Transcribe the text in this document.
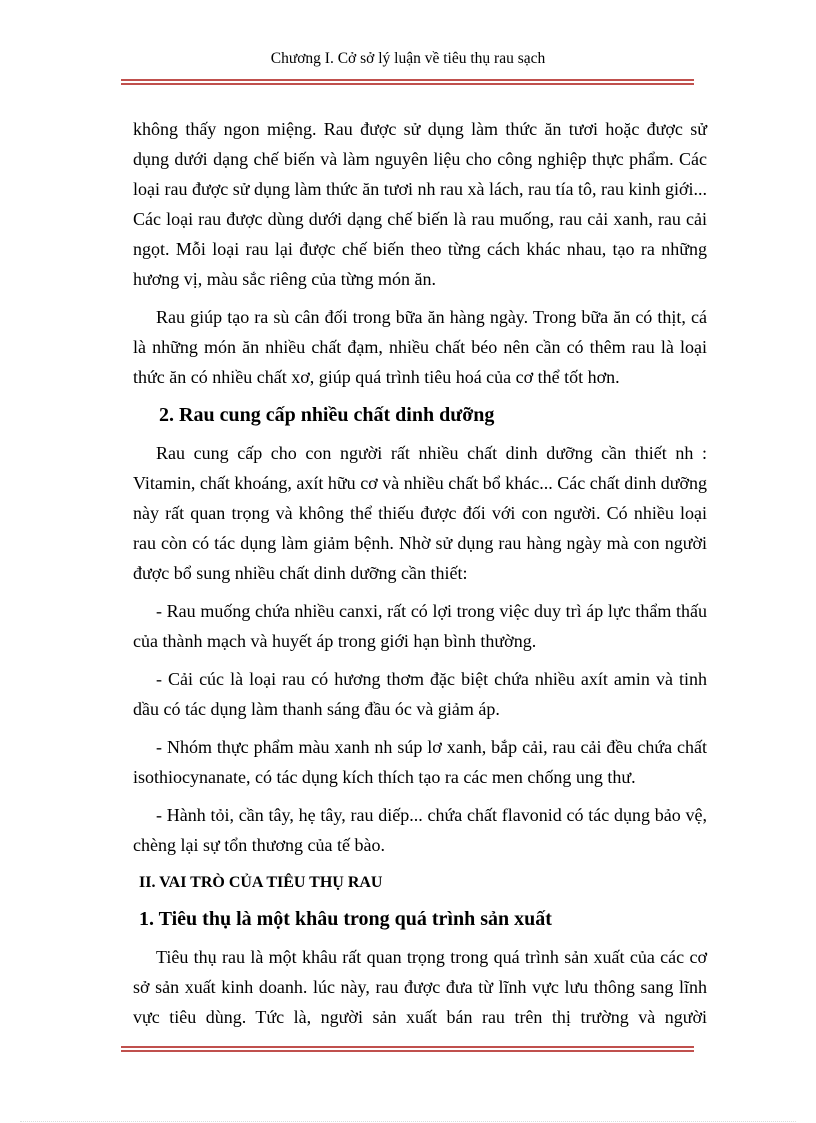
Chương I. Cở sở lý luận về tiêu thụ rau sạch

không thấy ngon miệng. Rau được sử dụng làm thức ăn tươi hoặc được sử dụng dưới dạng chế biến và làm nguyên liệu cho công nghiệp thực phẩm. Các loại rau được sử dụng làm thức ăn tươi nh rau xà lách, rau tía tô, rau kinh giới... Các loại rau được dùng dưới dạng chế biến là rau muống, rau cải xanh, rau cải ngọt. Mỗi loại rau lại được chế biến theo từng cách khác nhau, tạo ra những hương vị, màu sắc riêng của từng món ăn.

Rau giúp tạo ra sù cân đối trong bữa ăn hàng ngày. Trong bữa ăn có thịt, cá là những món ăn nhiều chất đạm, nhiều chất béo nên cần có thêm rau là loại thức ăn có nhiều chất xơ, giúp quá trình tiêu hoá của cơ thể tốt hơn.

2. Rau cung cấp nhiều chất dinh dưỡng

Rau cung cấp cho con người rất nhiều chất dinh dưỡng cần thiết nh : Vitamin, chất khoáng, axít hữu cơ và nhiều chất bổ khác... Các chất dinh dưỡng này rất quan trọng và không thể thiếu được đối với con người. Có nhiều loại rau còn có tác dụng làm giảm bệnh. Nhờ sử dụng rau hàng ngày mà con người được bổ sung nhiều chất dinh dưỡng cần thiết:

- Rau muống chứa nhiều canxi, rất có lợi trong việc duy trì áp lực thẩm thấu của thành mạch và huyết áp trong giới hạn bình thường.

- Cải cúc là loại rau có hương thơm đặc biệt chứa nhiều axít amin và tinh dầu có tác dụng làm thanh sáng đầu óc và giảm áp.

- Nhóm thực phẩm màu xanh nh súp lơ xanh, bắp cải, rau cải đều chứa chất isothiocynanate, có tác dụng kích thích tạo ra các men chống ung thư.

- Hành tỏi, cần tây, hẹ tây, rau diếp... chứa chất flavonid có tác dụng bảo vệ, chèng lại sự tổn thương của tế bào.

II. VAI TRÒ CỦA TIÊU THỤ RAU
1. Tiêu thụ là một khâu trong quá trình sản xuất

Tiêu thụ rau là một khâu rất quan trọng trong quá trình sản xuất của các cơ sở sản xuất kinh doanh. lúc này, rau được đưa từ lĩnh vực lưu thông sang lĩnh vực tiêu dùng. Tức là, người sản xuất bán rau trên thị trường và người
